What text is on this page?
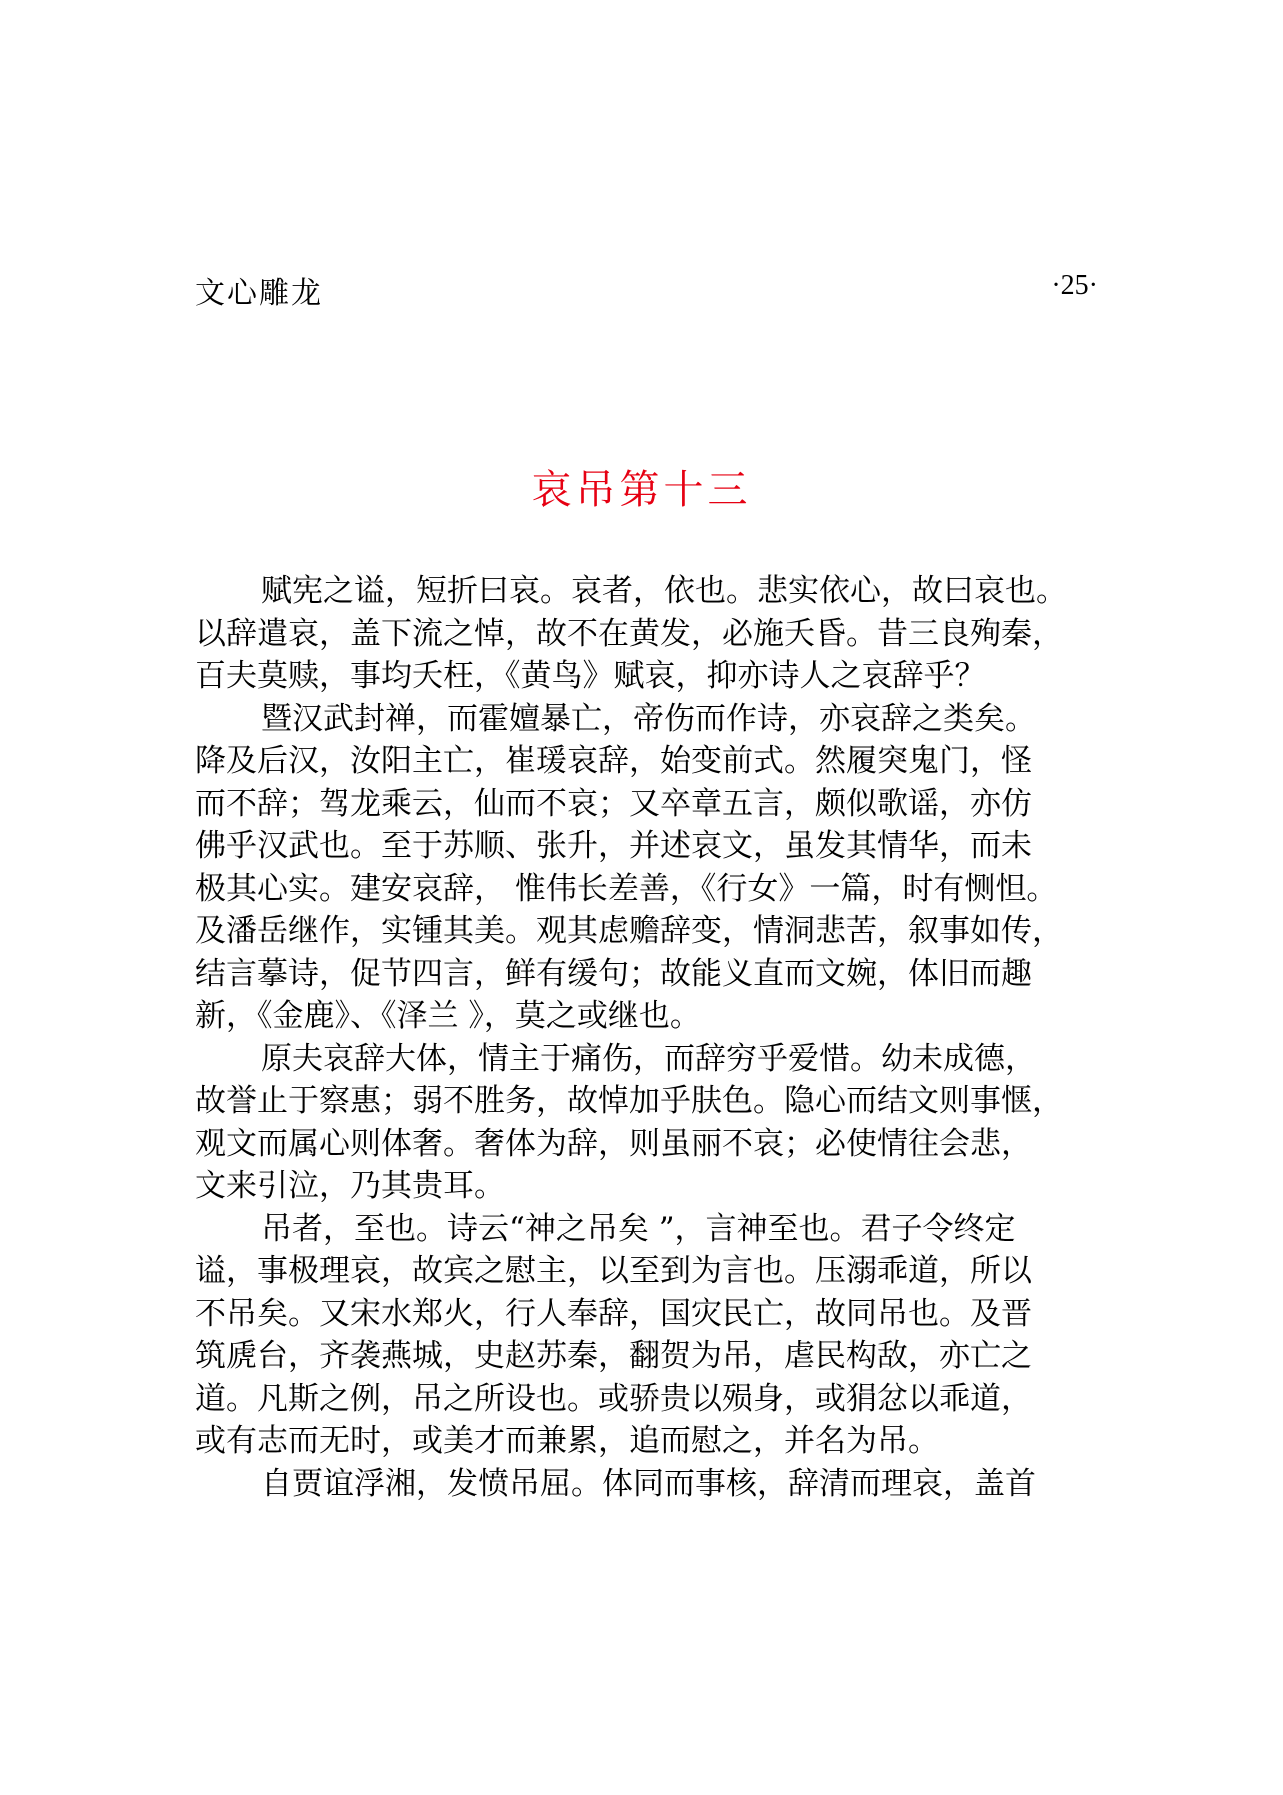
文心雕龙	·25·
哀吊第十三
赋宪之谥，短折曰哀。哀者，依也。悲实依心，故曰哀也。
以辞遣哀，盖下流之悼，故不在黄发，必施夭昏。昔三良殉秦，
百夫莫赎，事均夭枉，《黄鸟》赋哀，抑亦诗人之哀辞乎？
暨汉武封禅，而霍嬗暴亡，帝伤而作诗，亦哀辞之类矣。
降及后汉，汝阳主亡，崔瑗哀辞，始变前式。然履突鬼门，怪
而不辞；驾龙乘云，仙而不哀；又卒章五言，颇似歌谣，亦仿
佛乎汉武也。至于苏顺、张升，并述哀文，虽发其情华，而未
极其心实。建安哀辞， 惟伟长差善，《行女》一篇，时有恻怛。
及潘岳继作，实锺其美。观其虑赡辞变，情洞悲苦，叙事如传，
结言摹诗，促节四言，鲜有缓句；故能义直而文婉，体旧而趣
新，《金鹿》、《泽兰 》，莫之或继也。
原夫哀辞大体，情主于痛伤，而辞穷乎爱惜。幼未成德，
故誉止于察惠；弱不胜务，故悼加乎肤色。隐心而结文则事惬，
观文而属心则体奢。奢体为辞，则虽丽不哀；必使情往会悲，
文来引泣，乃其贵耳。
吊者，至也。诗云“神之吊矣 ”，言神至也。君子令终定
谥，事极理哀，故宾之慰主，以至到为言也。压溺乖道，所以
不吊矣。又宋水郑火，行人奉辞，国灾民亡，故同吊也。及晋
筑虒台，齐袭燕城，史赵苏秦，翻贺为吊，虐民构敌，亦亡之
道。凡斯之例，吊之所设也。或骄贵以殒身，或狷忿以乖道，
或有志而无时，或美才而兼累，追而慰之，并名为吊。
自贾谊浮湘，发愤吊屈。体同而事核，辞清而理哀，盖首
